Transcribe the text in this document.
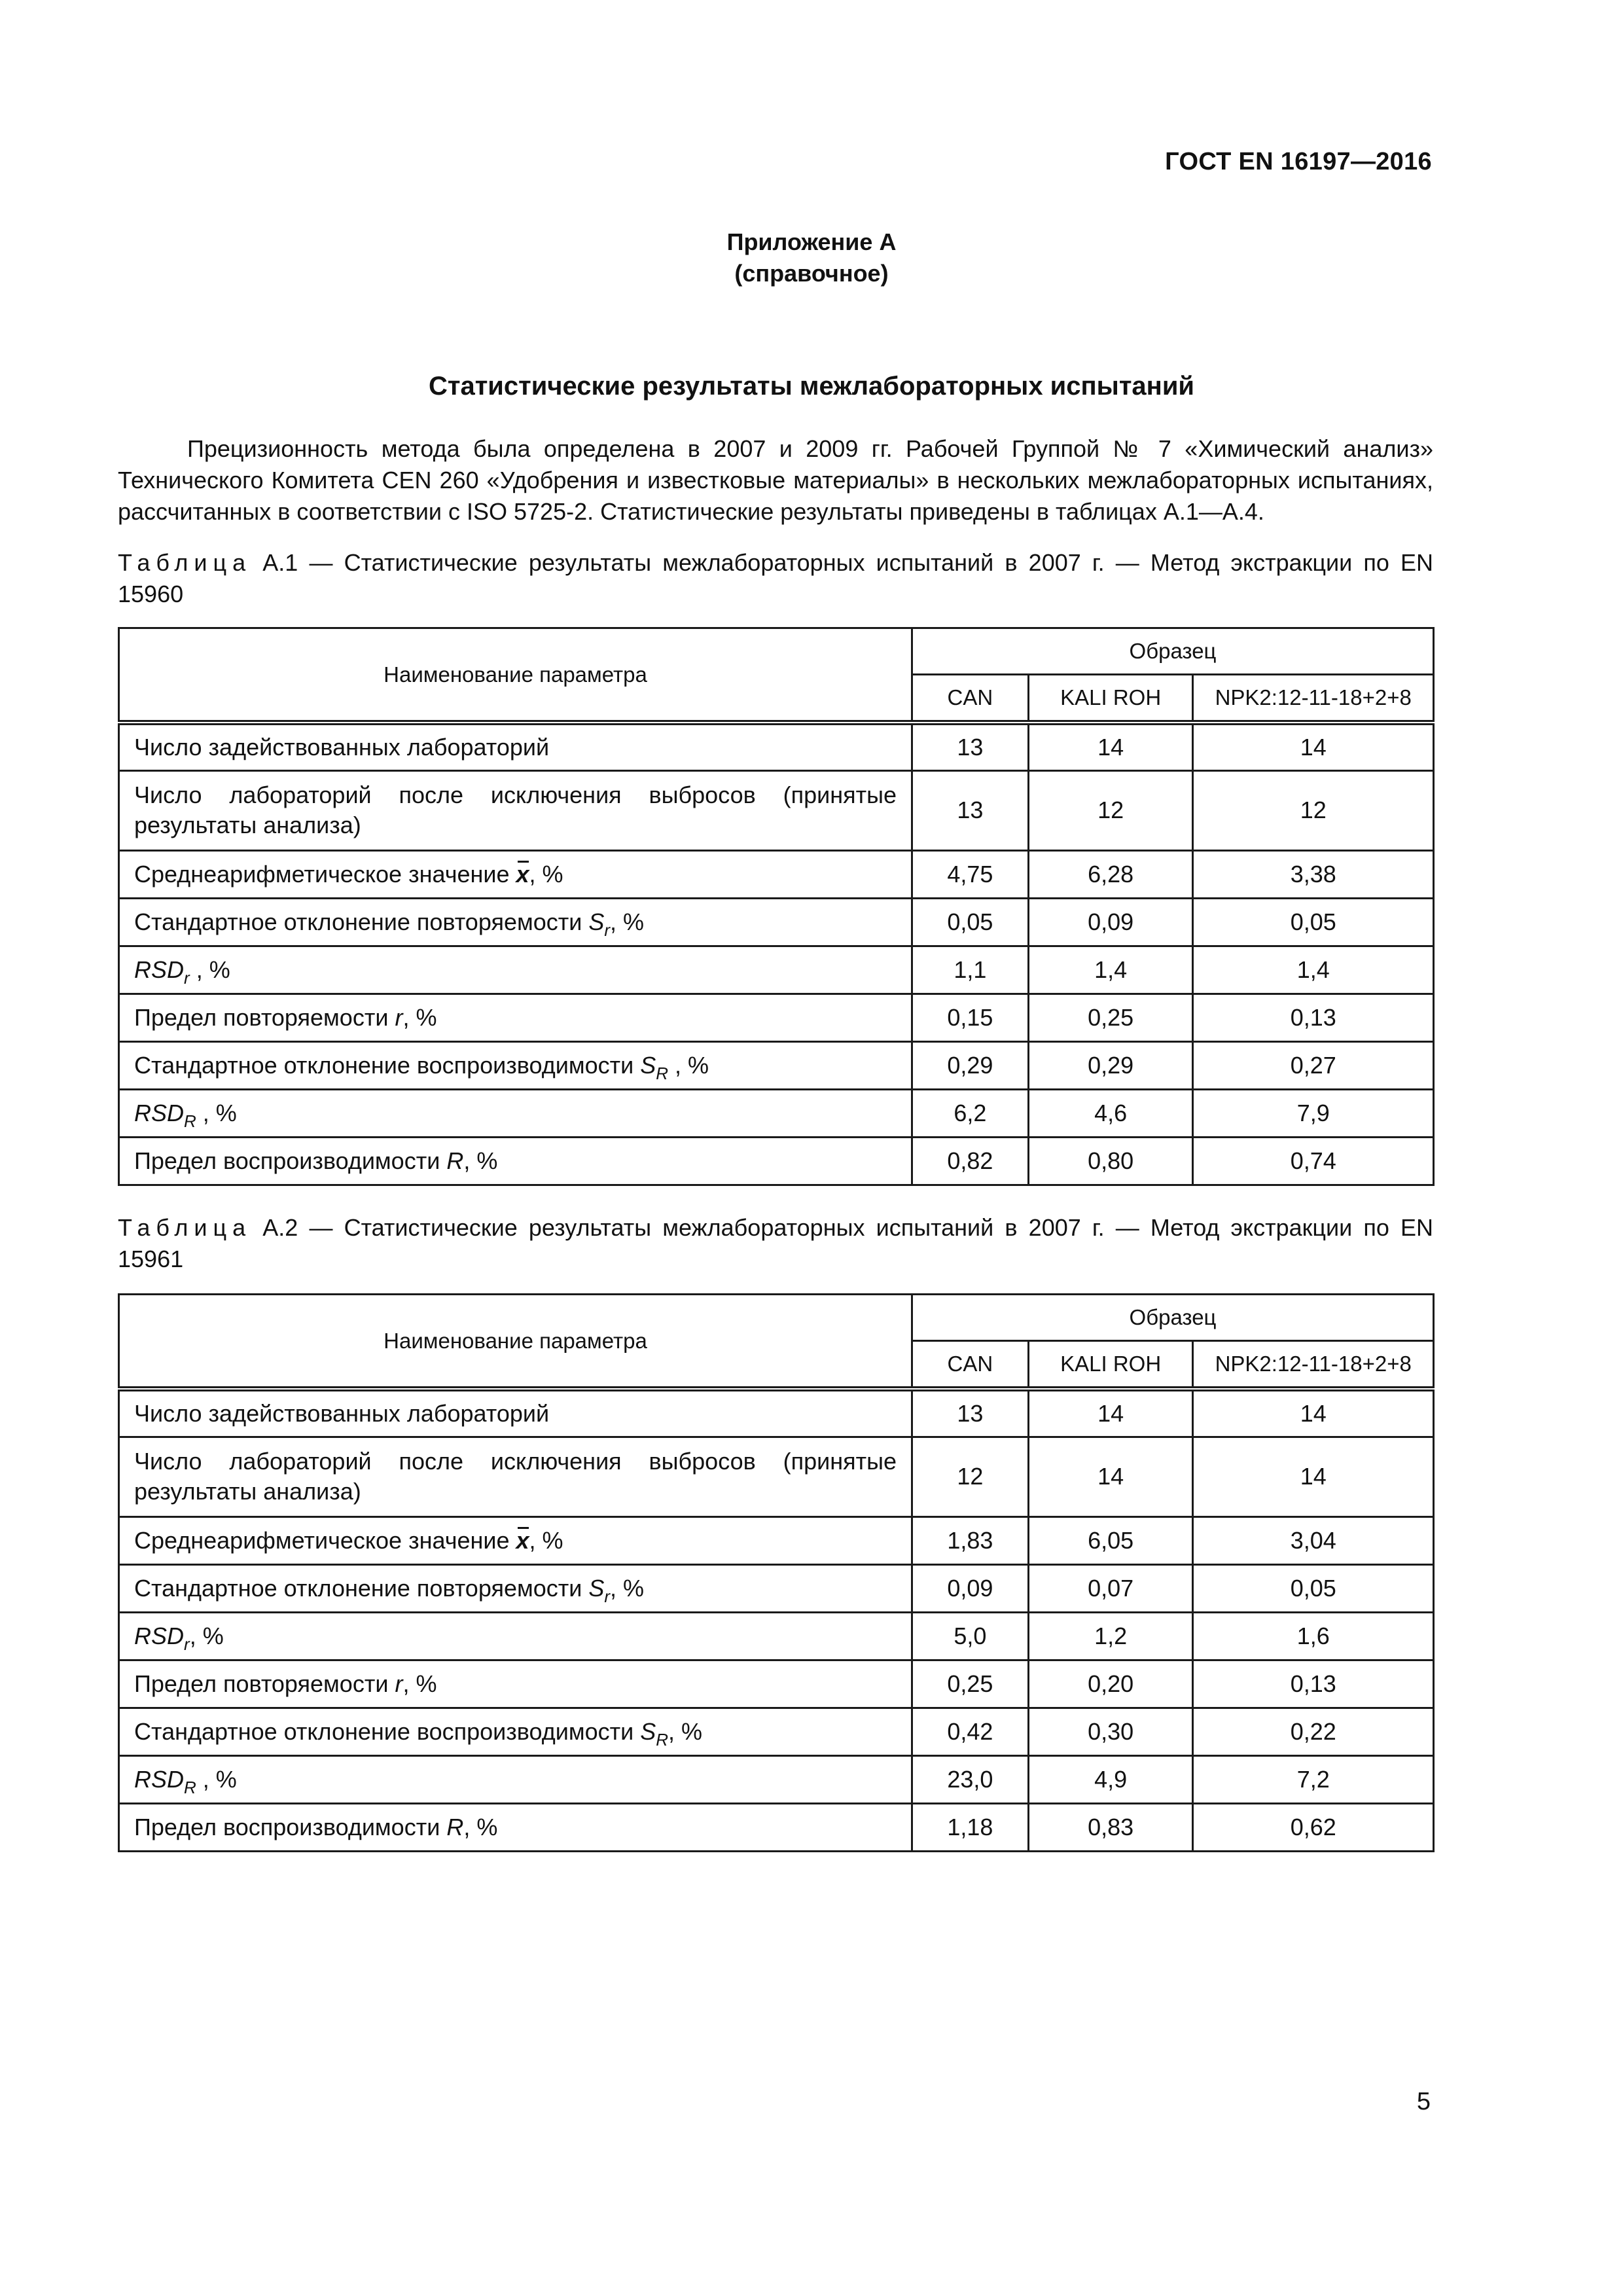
ГОСТ EN 16197—2016
Приложение А
(справочное)
Статистические результаты межлабораторных испытаний
Прецизионность метода была определена в 2007 и 2009 гг. Рабочей Группой № 7 «Химический анализ» Технического Комитета CEN 260 «Удобрения и известковые материалы» в нескольких межлабораторных испытаниях, рассчитанных в соответствии с ISO 5725-2. Статистические результаты приведены в таблицах А.1—А.4.
Таблица А.1 — Статистические результаты межлабораторных испытаний в 2007 г. — Метод экстракции по EN 15960
Наименование параметра	Образец		
	CAN	KALI ROH	NPK2:12-11-18+2+8
Число задействованных лабораторий	13	14	14
Число лабораторий после исключения выбросов (принятые результаты анализа)	13	12	12
Среднеарифметическое значение x, %	4,75	6,28	3,38
Стандартное отклонение повторяемости $S_r$, %	0,05	0,09	0,05
$RSD_r$ , %	1,1	1,4	1,4
Предел повторяемости r, %	0,15	0,25	0,13
Стандартное отклонение воспроизводимости $S_R$ , %	0,29	0,29	0,27
$RSD_R$ , %	6,2	4,6	7,9
Предел воспроизводимости R, %	0,82	0,80	0,74
Таблица А.2 — Статистические результаты межлабораторных испытаний в 2007 г. — Метод экстракции по EN 15961
Наименование параметра	Образец		
	CAN	KALI ROH	NPK2:12-11-18+2+8
Число задействованных лабораторий	13	14	14
Число лабораторий после исключения выбросов (принятые результаты анализа)	12	14	14
Среднеарифметическое значение x, %	1,83	6,05	3,04
Стандартное отклонение повторяемости $S_r$, %	0,09	0,07	0,05
$RSD_r$, %	5,0	1,2	1,6
Предел повторяемости r, %	0,25	0,20	0,13
Стандартное отклонение воспроизводимости $S_R$, %	0,42	0,30	0,22
$RSD_R$ , %	23,0	4,9	7,2
Предел воспроизводимости R, %	1,18	0,83	0,62
5
